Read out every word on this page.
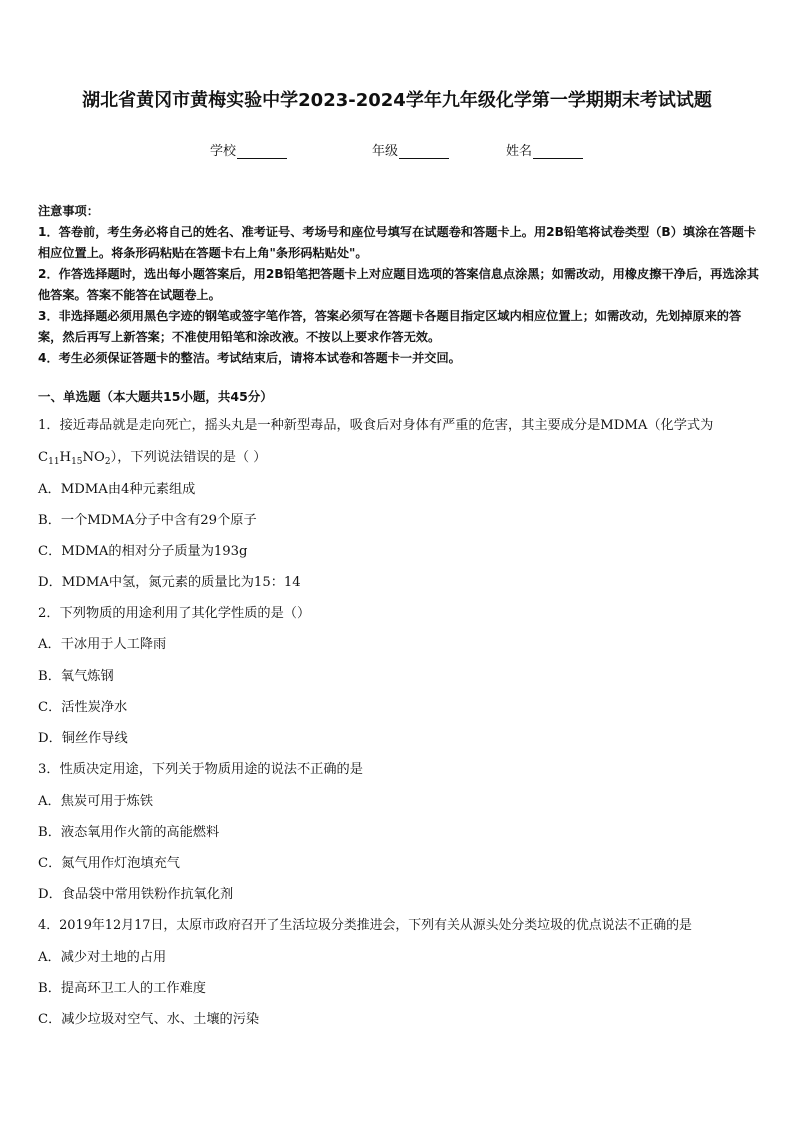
湖北省黄冈市黄梅实验中学2023-2024学年九年级化学第一学期期末考试试题
学校	年级	姓名

注意事项：

1．答卷前，考生务必将自己的姓名、准考证号、考场号和座位号填写在试题卷和答题卡上。用2B铅笔将试卷类型（B）填涂在答题卡相应位置上。将条形码粘贴在答题卡右上角"条形码粘贴处"。

2．作答选择题时，选出每小题答案后，用2B铅笔把答题卡上对应题目选项的答案信息点涂黑；如需改动，用橡皮擦干净后，再选涂其他答案。答案不能答在试题卷上。

3．非选择题必须用黑色字迹的钢笔或签字笔作答，答案必须写在答题卡各题目指定区域内相应位置上；如需改动，先划掉原来的答案，然后再写上新答案；不准使用铅笔和涂改液。不按以上要求作答无效。

4．考生必须保证答题卡的整洁。考试结束后，请将本试卷和答题卡一并交回。

一、单选题（本大题共15小题，共45分）
1．接近毒品就是走向死亡，摇头丸是一种新型毒品，吸食后对身体有严重的危害，其主要成分是MDMA（化学式为
$C_{11}H_{15}NO_2$），下列说法错误的是（ ）
A．MDMA由4种元素组成
B．一个MDMA分子中含有29个原子
C．MDMA的相对分子质量为193g
D．MDMA中氢，氮元素的质量比为15：14
2．下列物质的用途利用了其化学性质的是（）
A．干冰用于人工降雨
B．氧气炼钢
C．活性炭净水
D．铜丝作导线
3．性质决定用途，下列关于物质用途的说法不正确的是
A．焦炭可用于炼铁
B．液态氧用作火箭的高能燃料
C．氮气用作灯泡填充气
D．食品袋中常用铁粉作抗氧化剂
4．2019年12月17日，太原市政府召开了生活垃圾分类推进会，下列有关从源头处分类垃圾的优点说法不正确的是
A．减少对土地的占用
B．提高环卫工人的工作难度
C．减少垃圾对空气、水、土壤的污染
